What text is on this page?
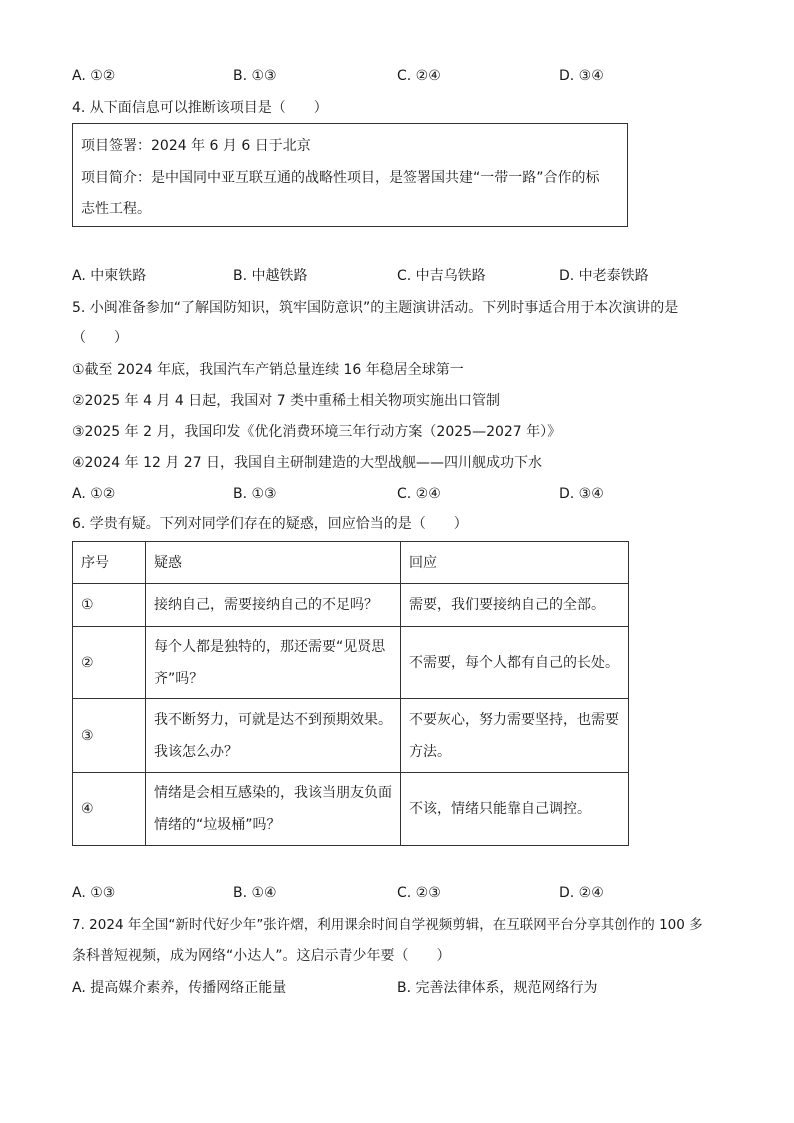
A. ①②	B. ①③	C. ②④	D. ③④
4. 从下面信息可以推断该项目是（　　）
项目签署：2024 年 6 月 6 日于北京
项目简介：是中国同中亚互联互通的战略性项目，是签署国共建“一带一路”合作的标
志性工程。
A. 中柬铁路	B. 中越铁路	C. 中吉乌铁路	D. 中老泰铁路
5. 小闽准备参加“了解国防知识，筑牢国防意识”的主题演讲活动。下列时事适合用于本次演讲的是
（　　）
①截至 2024 年底，我国汽车产销总量连续 16 年稳居全球第一
②2025 年 4 月 4 日起，我国对 7 类中重稀土相关物项实施出口管制
③2025 年 2 月，我国印发《优化消费环境三年行动方案（2025—2027 年）》
④2024 年 12 月 27 日，我国自主研制建造的大型战舰——四川舰成功下水
A. ①②	B. ①③	C. ②④	D. ③④
6. 学贵有疑。下列对同学们存在的疑惑，回应恰当的是（　　）
序号	疑惑	回应
①	接纳自己，需要接纳自己的不足吗？	需要，我们要接纳自己的全部。
②	每个人都是独特的，那还需要“见贤思
齐”吗？	不需要，每个人都有自己的长处。
③	我不断努力，可就是达不到预期效果。
我该怎么办？	不要灰心，努力需要坚持，也需要
方法。
④	情绪是会相互感染的，我该当朋友负面
情绪的“垃圾桶”吗？	不该，情绪只能靠自己调控。
A. ①③	B. ①④	C. ②③	D. ②④
7. 2024 年全国“新时代好少年”张许熠，利用课余时间自学视频剪辑，在互联网平台分享其创作的 100 多
条科普短视频，成为网络“小达人”。这启示青少年要（　　）
A. 提高媒介素养，传播网络正能量	B. 完善法律体系，规范网络行为
